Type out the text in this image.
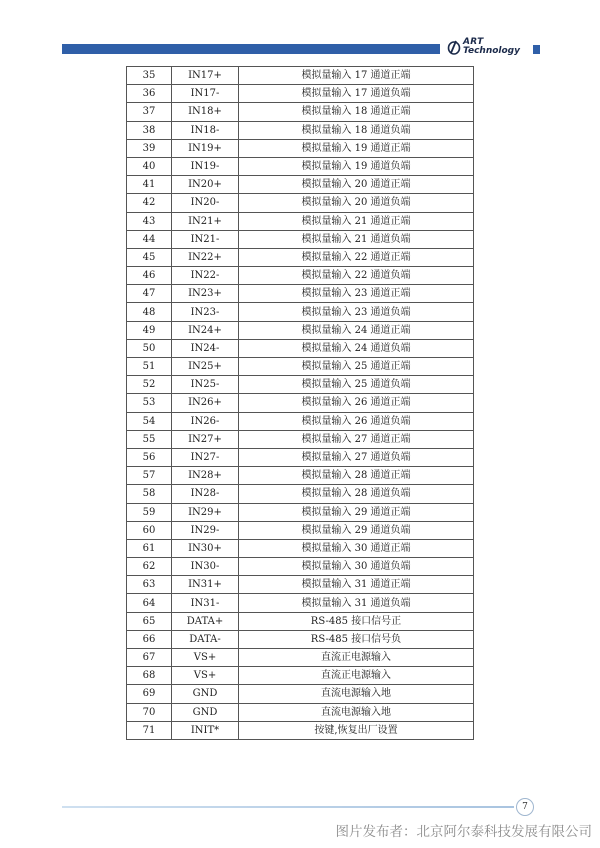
ART
Technology
35	IN17+	模拟量输入 17 通道正端
36	IN17-	模拟量输入 17 通道负端
37	IN18+	模拟量输入 18 通道正端
38	IN18-	模拟量输入 18 通道负端
39	IN19+	模拟量输入 19 通道正端
40	IN19-	模拟量输入 19 通道负端
41	IN20+	模拟量输入 20 通道正端
42	IN20-	模拟量输入 20 通道负端
43	IN21+	模拟量输入 21 通道正端
44	IN21-	模拟量输入 21 通道负端
45	IN22+	模拟量输入 22 通道正端
46	IN22-	模拟量输入 22 通道负端
47	IN23+	模拟量输入 23 通道正端
48	IN23-	模拟量输入 23 通道负端
49	IN24+	模拟量输入 24 通道正端
50	IN24-	模拟量输入 24 通道负端
51	IN25+	模拟量输入 25 通道正端
52	IN25-	模拟量输入 25 通道负端
53	IN26+	模拟量输入 26 通道正端
54	IN26-	模拟量输入 26 通道负端
55	IN27+	模拟量输入 27 通道正端
56	IN27-	模拟量输入 27 通道负端
57	IN28+	模拟量输入 28 通道正端
58	IN28-	模拟量输入 28 通道负端
59	IN29+	模拟量输入 29 通道正端
60	IN29-	模拟量输入 29 通道负端
61	IN30+	模拟量输入 30 通道正端
62	IN30-	模拟量输入 30 通道负端
63	IN31+	模拟量输入 31 通道正端
64	IN31-	模拟量输入 31 通道负端
65	DATA+	RS-485 接口信号正
66	DATA-	RS-485 接口信号负
67	VS+	直流正电源输入
68	VS+	直流正电源输入
69	GND	直流电源输入地
70	GND	直流电源输入地
71	INIT*	按键,恢复出厂设置
7
图片发布者：北京阿尔泰科技发展有限公司
